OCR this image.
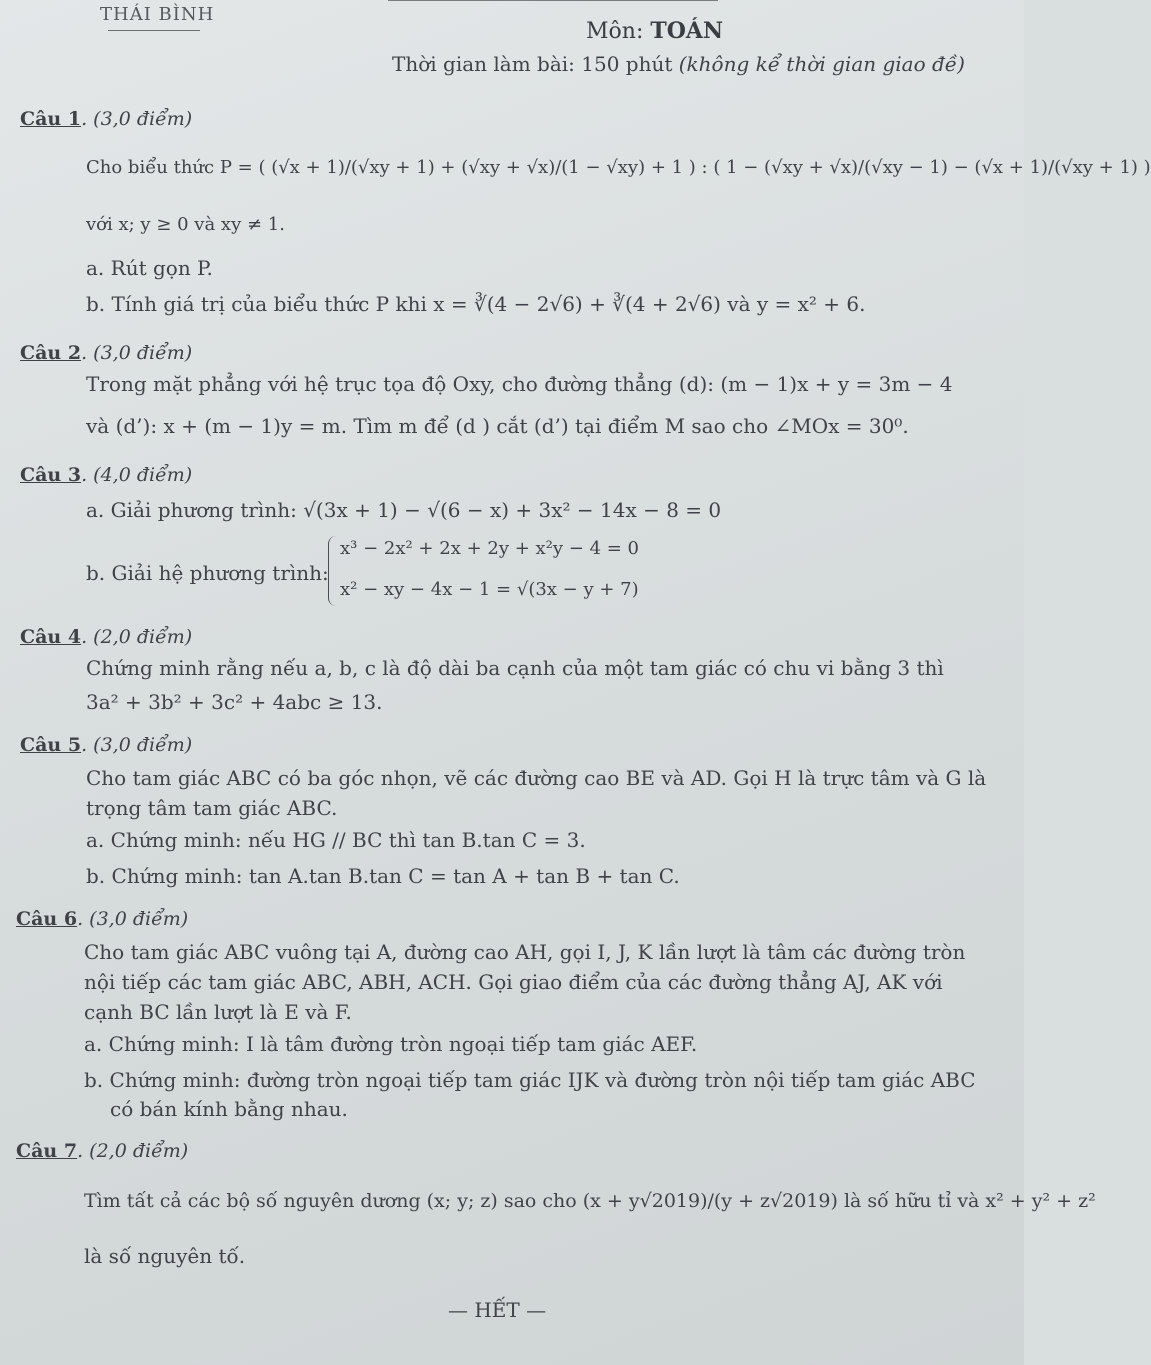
THÁI BÌNH
Môn: TOÁN
Thời gian làm bài: 150 phút (không kể thời gian giao đề)
Câu 1. (3,0 điểm)
Cho biểu thức P = ( (√x + 1)/(√xy + 1) + (√xy + √x)/(1 − √xy) + 1 ) : ( 1 − (√xy + √x)/(√xy − 1) − (√x + 1)/(√xy + 1) )
với x; y ≥ 0 và xy ≠ 1.
a. Rút gọn P.
b. Tính giá trị của biểu thức P khi x = ∛(4 − 2√6) + ∛(4 + 2√6) và y = x² + 6.
Câu 2. (3,0 điểm)
Trong mặt phẳng với hệ trục tọa độ Oxy, cho đường thẳng (d): (m − 1)x + y = 3m − 4
và (d’): x + (m − 1)y = m. Tìm m để (d ) cắt (d’) tại điểm M sao cho ∠MOx = 30⁰.
Câu 3. (4,0 điểm)
a. Giải phương trình: √(3x + 1) − √(6 − x) + 3x² − 14x − 8 = 0
b. Giải hệ phương trình:
x³ − 2x² + 2x + 2y + x²y − 4 = 0
x² − xy − 4x − 1 = √(3x − y + 7)
Câu 4. (2,0 điểm)
Chứng minh rằng nếu a, b, c là độ dài ba cạnh của một tam giác có chu vi bằng 3 thì
3a² + 3b² + 3c² + 4abc ≥ 13.
Câu 5. (3,0 điểm)
Cho tam giác ABC có ba góc nhọn, vẽ các đường cao BE và AD. Gọi H là trực tâm và G là
trọng tâm tam giác ABC.
a. Chứng minh: nếu HG // BC thì tan B.tan C = 3.
b. Chứng minh: tan A.tan B.tan C = tan A + tan B + tan C.
Câu 6. (3,0 điểm)
Cho tam giác ABC vuông tại A, đường cao AH, gọi I, J, K lần lượt là tâm các đường tròn
nội tiếp các tam giác ABC, ABH, ACH. Gọi giao điểm của các đường thẳng AJ, AK với
cạnh BC lần lượt là E và F.
a. Chứng minh: I là tâm đường tròn ngoại tiếp tam giác AEF.
b. Chứng minh: đường tròn ngoại tiếp tam giác IJK và đường tròn nội tiếp tam giác ABC
có bán kính bằng nhau.
Câu 7. (2,0 điểm)
Tìm tất cả các bộ số nguyên dương (x; y; z) sao cho (x + y√2019)/(y + z√2019) là số hữu tỉ và x² + y² + z²
là số nguyên tố.
— HẾT —
